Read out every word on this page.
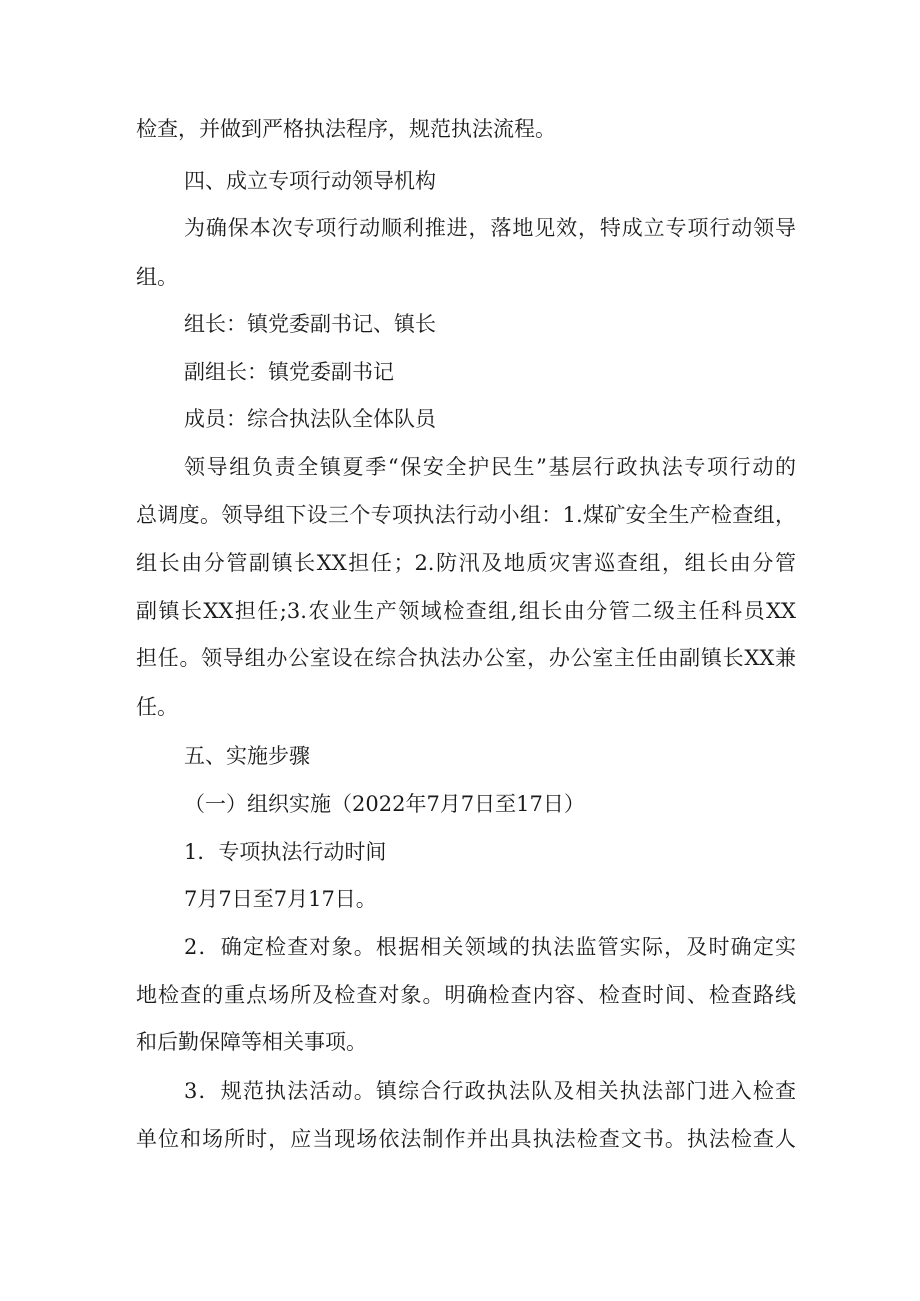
检查，并做到严格执法程序，规范执法流程。
四、成立专项行动领导机构
为确保本次专项行动顺利推进，落地见效，特成立专项行动领导
组。
组长：镇党委副书记、镇长
副组长：镇党委副书记
成员：综合执法队全体队员
领导组负责全镇夏季“保安全护民生”基层行政执法专项行动的
总调度。领导组下设三个专项执法行动小组：1.煤矿安全生产检查组，
组长由分管副镇长XX担任；2.防汛及地质灾害巡查组，组长由分管
副镇长XX担任;3.农业生产领域检查组,组长由分管二级主任科员XX
担任。领导组办公室设在综合执法办公室，办公室主任由副镇长XX兼
任。
五、实施步骤
（一）组织实施（2022年7月7日至17日）
1．专项执法行动时间
7月7日至7月17日。
2．确定检查对象。根据相关领域的执法监管实际，及时确定实
地检查的重点场所及检查对象。明确检查内容、检查时间、检查路线
和后勤保障等相关事项。
3．规范执法活动。镇综合行政执法队及相关执法部门进入检查
单位和场所时，应当现场依法制作并出具执法检查文书。执法检查人
